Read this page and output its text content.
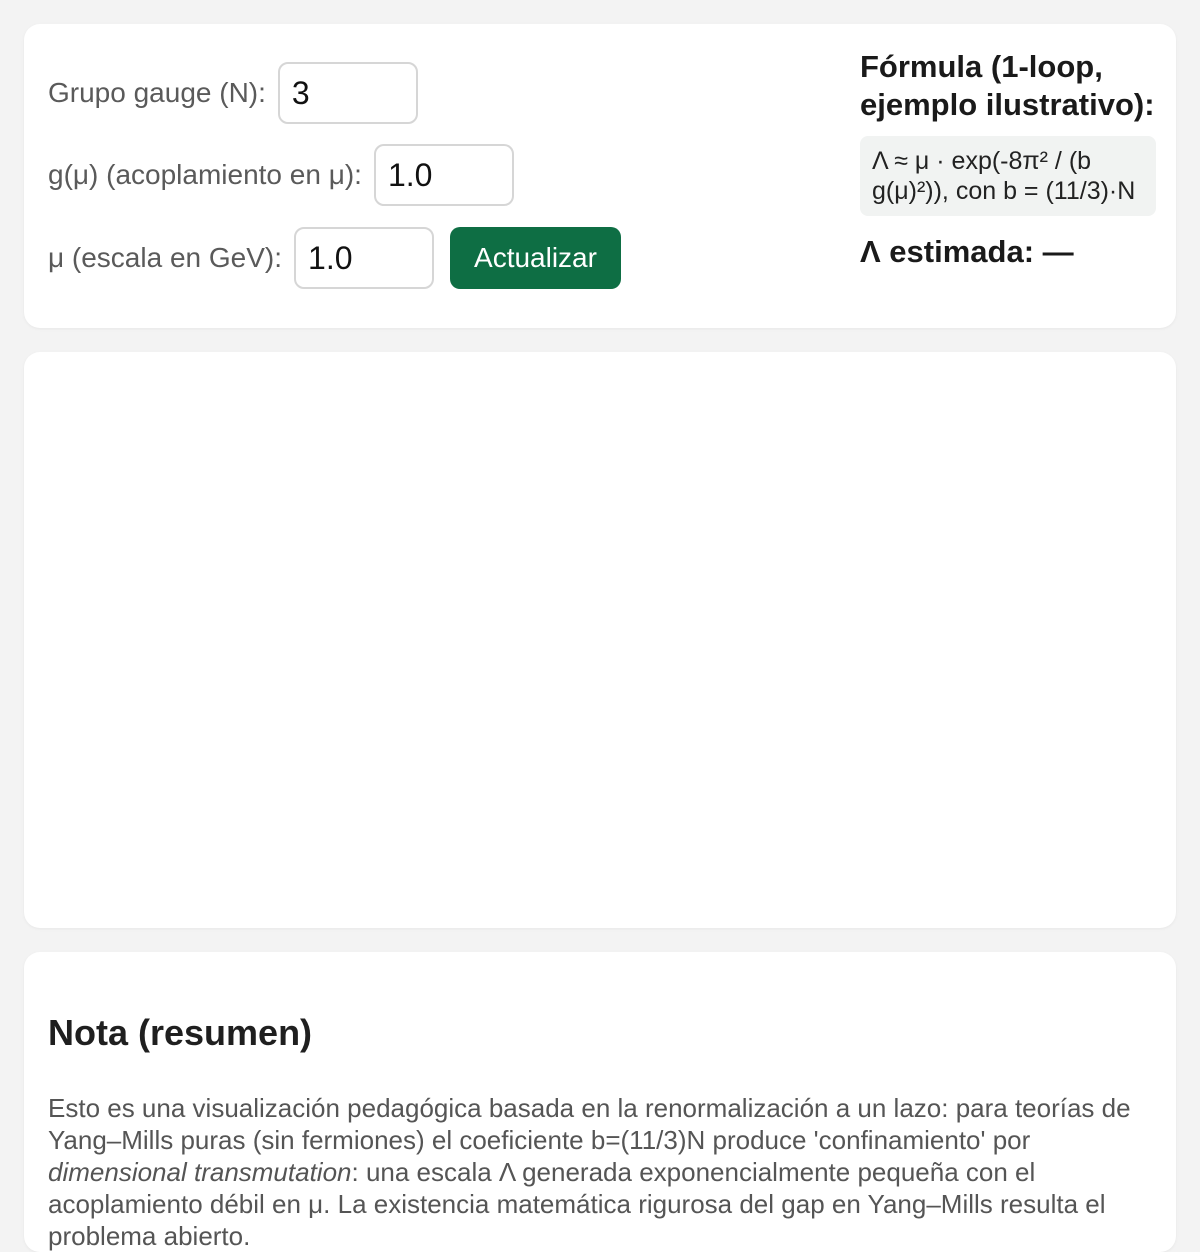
Grupo gauge (N):
3
g(μ) (acoplamiento en μ):
1.0
μ (escala en GeV):
1.0	Actualizar
Fórmula (1-loop, ejemplo ilustrativo):
Λ ≈ μ · exp(-8π² / (b g(μ)²)), con b = (11/3)·N
Λ estimada: —
Nota (resumen)

Esto es una visualización pedagógica basada en la renormalización a un lazo: para teorías de Yang–Mills puras (sin fermiones) el coeficiente b=(11/3)N produce 'confinamiento' por dimensional transmutation: una escala Λ generada exponencialmente pequeña con el acoplamiento débil en μ. La existencia matemática rigurosa del gap en Yang–Mills resulta el problema abierto.
